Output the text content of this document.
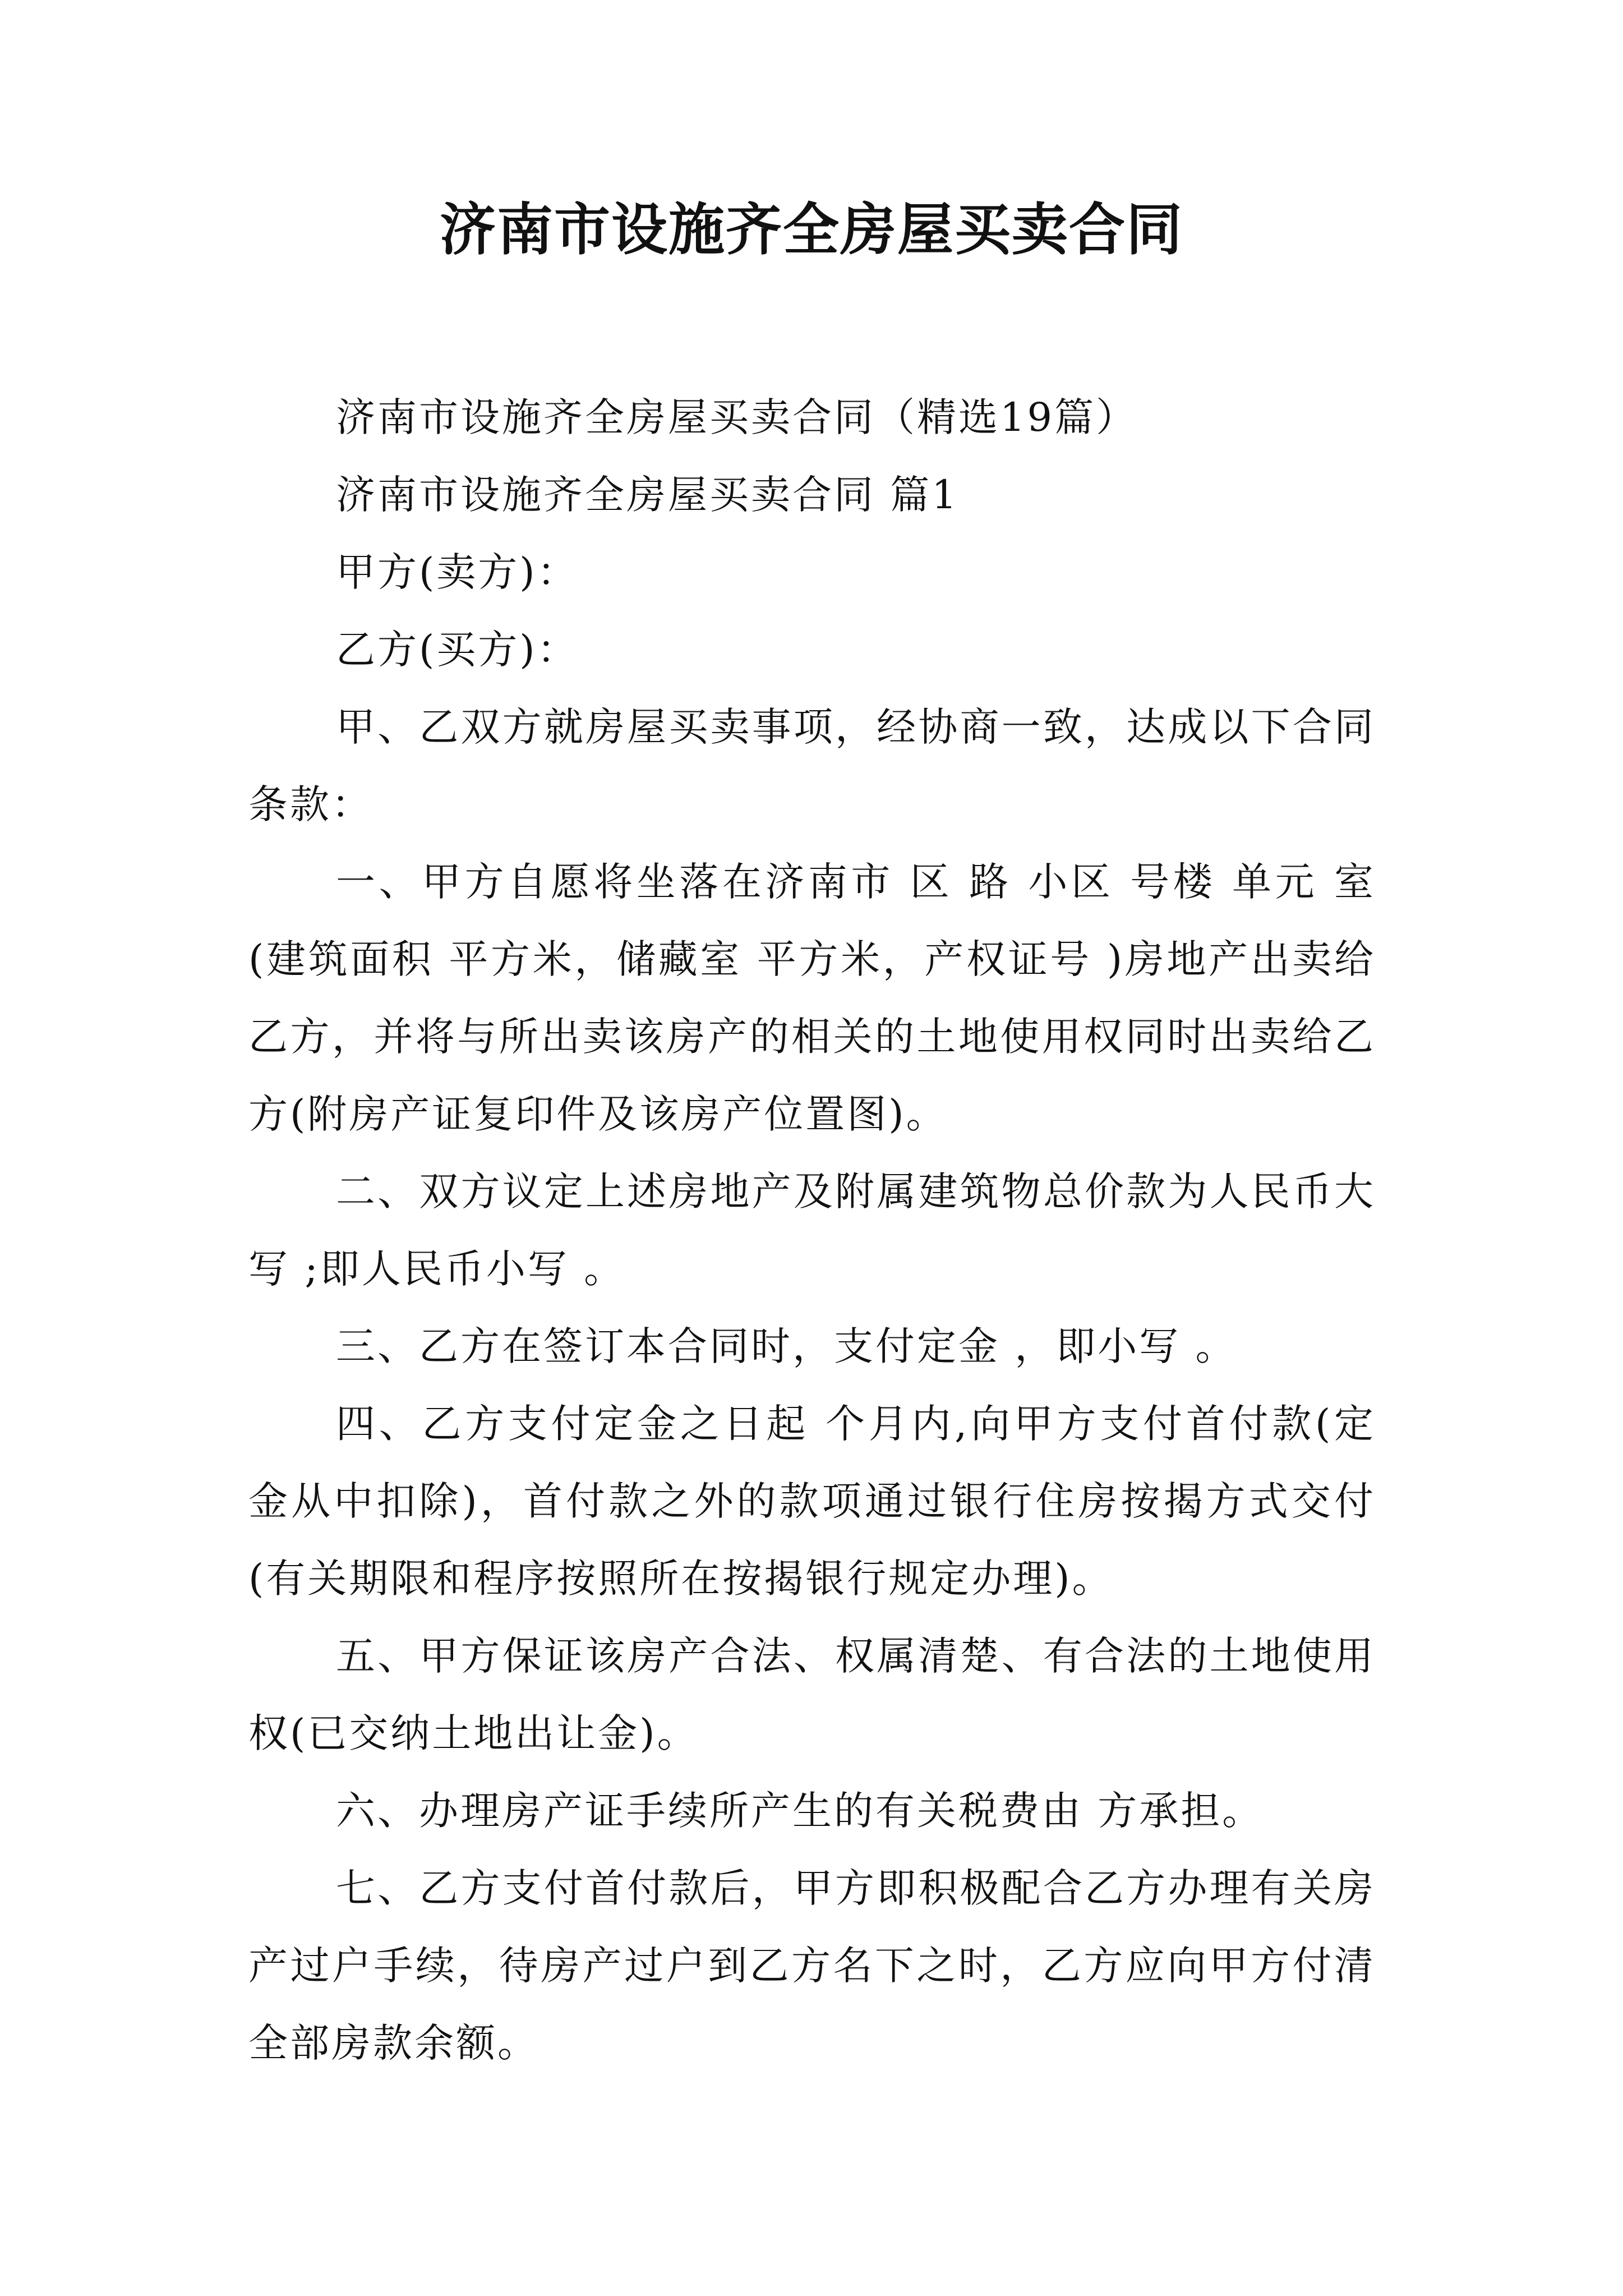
济南市设施齐全房屋买卖合同

济南市设施齐全房屋买卖合同（精选19篇）

济南市设施齐全房屋买卖合同 篇1

甲方(卖方)：

乙方(买方)：

甲、乙双方就房屋买卖事项，经协商一致，达成以下合同条款：

一、甲方自愿将坐落在济南市 区 路 小区 号楼 单元 室(建筑面积 平方米，储藏室 平方米，产权证号 )房地产出卖给乙方，并将与所出卖该房产的相关的土地使用权同时出卖给乙方(附房产证复印件及该房产位置图)。

二、双方议定上述房地产及附属建筑物总价款为人民币大写 ;即人民币小写 。

三、乙方在签订本合同时，支付定金 ，即小写 。

四、乙方支付定金之日起 个月内,向甲方支付首付款(定金从中扣除)，首付款之外的款项通过银行住房按揭方式交付(有关期限和程序按照所在按揭银行规定办理)。

五、甲方保证该房产合法、权属清楚、有合法的土地使用权(已交纳土地出让金)。

六、办理房产证手续所产生的有关税费由 方承担。

七、乙方支付首付款后，甲方即积极配合乙方办理有关房产过户手续，待房产过户到乙方名下之时，乙方应向甲方付清全部房款余额。
